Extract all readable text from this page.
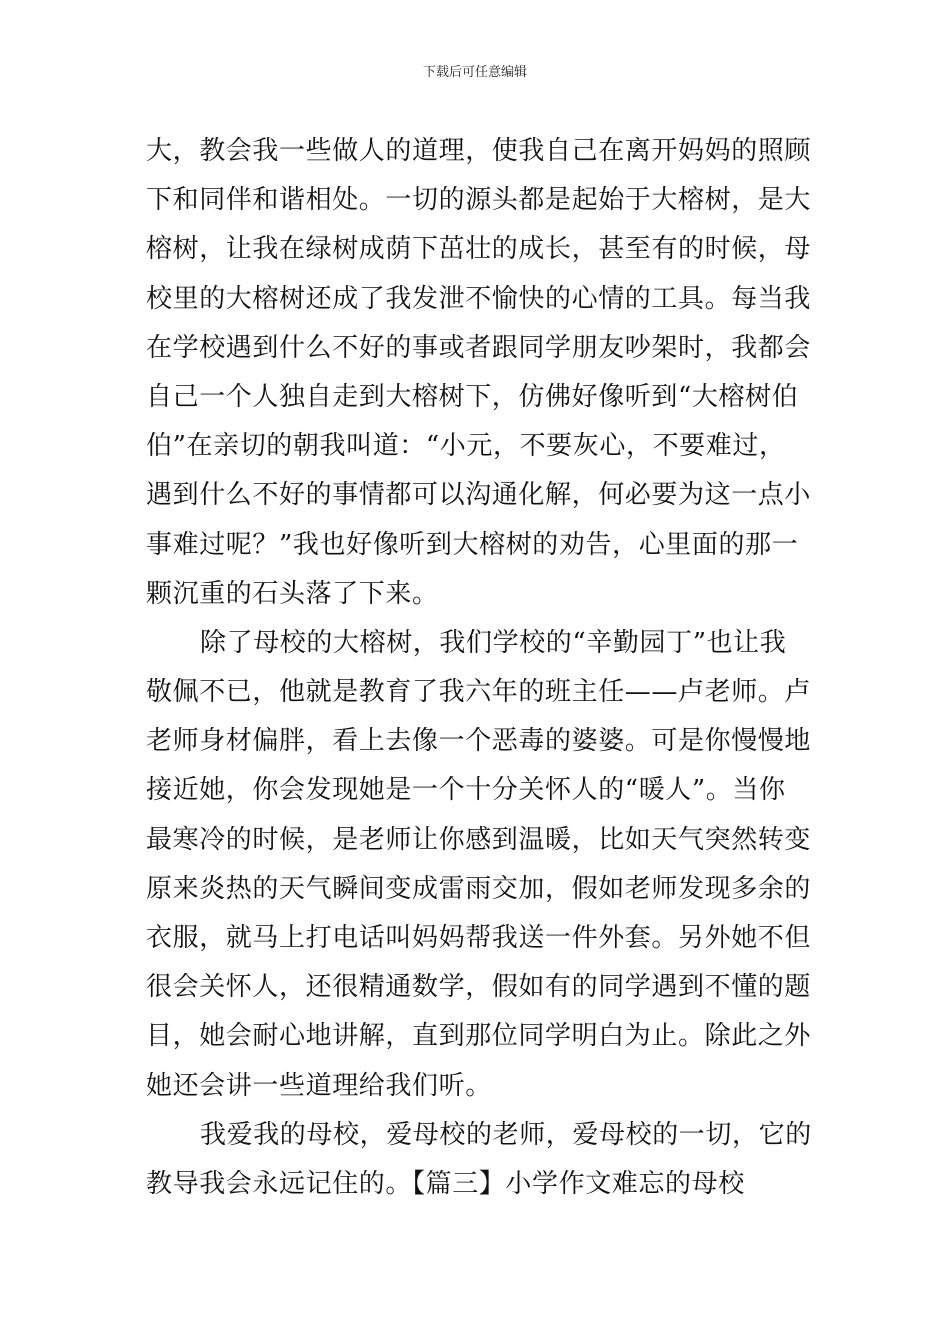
下载后可任意编辑
大，教会我一些做人的道理，使我自己在离开妈妈的照顾
下和同伴和谐相处。一切的源头都是起始于大榕树，是大
榕树，让我在绿树成荫下茁壮的成长，甚至有的时候，母
校里的大榕树还成了我发泄不愉快的心情的工具。每当我
在学校遇到什么不好的事或者跟同学朋友吵架时，我都会
自己一个人独自走到大榕树下，仿佛好像听到“大榕树伯
伯”在亲切的朝我叫道：“小元，不要灰心，不要难过，
遇到什么不好的事情都可以沟通化解，何必要为这一点小
事难过呢？”我也好像听到大榕树的劝告，心里面的那一
颗沉重的石头落了下来。
除了母校的大榕树，我们学校的“辛勤园丁”也让我
敬佩不已，他就是教育了我六年的班主任——卢老师。卢
老师身材偏胖，看上去像一个恶毒的婆婆。可是你慢慢地
接近她，你会发现她是一个十分关怀人的“暖人”。当你
最寒冷的时候，是老师让你感到温暖，比如天气突然转变
原来炎热的天气瞬间变成雷雨交加，假如老师发现多余的
衣服，就马上打电话叫妈妈帮我送一件外套。另外她不但
很会关怀人，还很精通数学，假如有的同学遇到不懂的题
目，她会耐心地讲解，直到那位同学明白为止。除此之外
她还会讲一些道理给我们听。
我爱我的母校，爱母校的老师，爱母校的一切，它的
教导我会永远记住的。【篇三】小学作文难忘的母校
